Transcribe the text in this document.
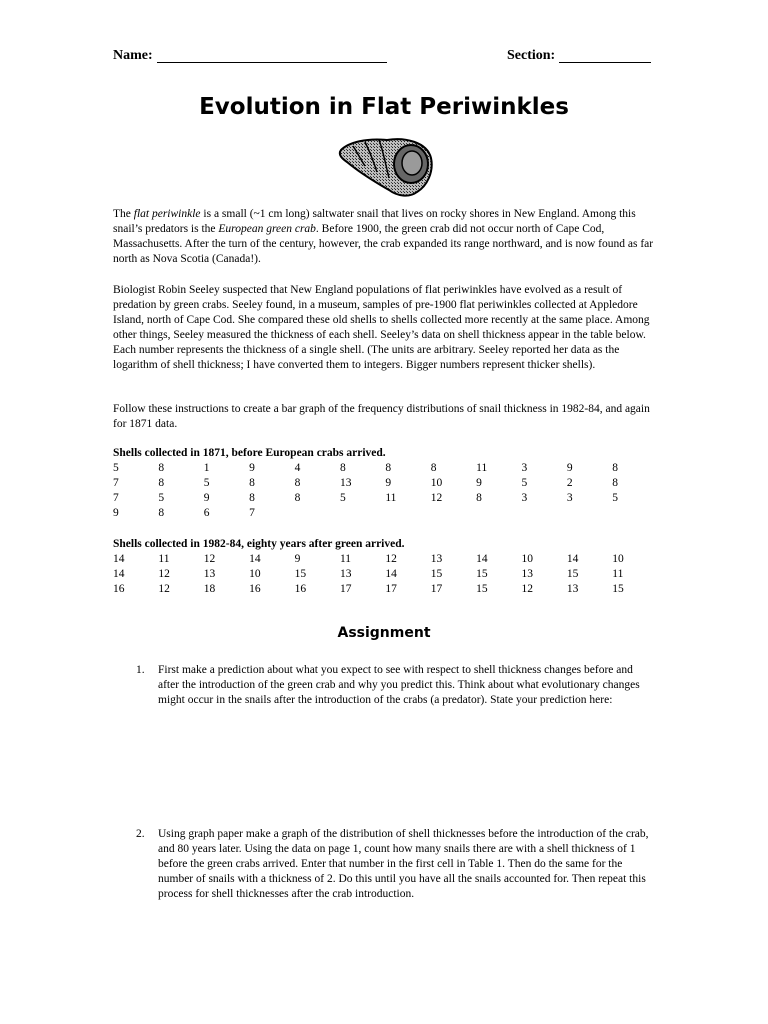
Name:	Section:
Evolution in Flat Periwinkles

The flat periwinkle is a small (~1 cm long) saltwater snail that lives on rocky shores in New England. Among this snail’s predators is the European green crab. Before 1900, the green crab did not occur north of Cape Cod, Massachusetts. After the turn of the century, however, the crab expanded its range northward, and is now found as far north as Nova Scotia (Canada!).

Biologist Robin Seeley suspected that New England populations of flat periwinkles have evolved as a result of predation by green crabs. Seeley found, in a museum, samples of pre-1900 flat periwinkles collected at Appledore Island, north of Cape Cod. She compared these old shells to shells collected more recently at the same place. Among other things, Seeley measured the thickness of each shell. Seeley’s data on shell thickness appear in the table below. Each number represents the thickness of a single shell. (The units are arbitrary. Seeley reported her data as the logarithm of shell thickness; I have converted them to integers. Bigger numbers represent thicker shells).

Follow these instructions to create a bar graph of the frequency distributions of snail thickness in 1982-84, and again for 1871 data.

Shells collected in 1871, before European crabs arrived.
5	8	1	9	4	8	8	8	11	3	9	8
7	8	5	8	8	13	9	10	9	5	2	8
7	5	9	8	8	5	11	12	8	3	3	5
9	8	6	7								
Shells collected in 1982-84, eighty years after green arrived.
14	11	12	14	9	11	12	13	14	10	14	10
14	12	13	10	15	13	14	15	15	13	15	11
16	12	18	16	16	17	17	17	15	12	13	15
Assignment
1. First make a prediction about what you expect to see with respect to shell thickness changes before and after the introduction of the green crab and why you predict this. Think about what evolutionary changes might occur in the snails after the introduction of the crabs (a predator). State your prediction here:
2. Using graph paper make a graph of the distribution of shell thicknesses before the introduction of the crab, and 80 years later. Using the data on page 1, count how many snails there are with a shell thickness of 1 before the green crabs arrived. Enter that number in the first cell in Table 1. Then do the same for the number of snails with a thickness of 2. Do this until you have all the snails accounted for. Then repeat this process for shell thicknesses after the crab introduction.
